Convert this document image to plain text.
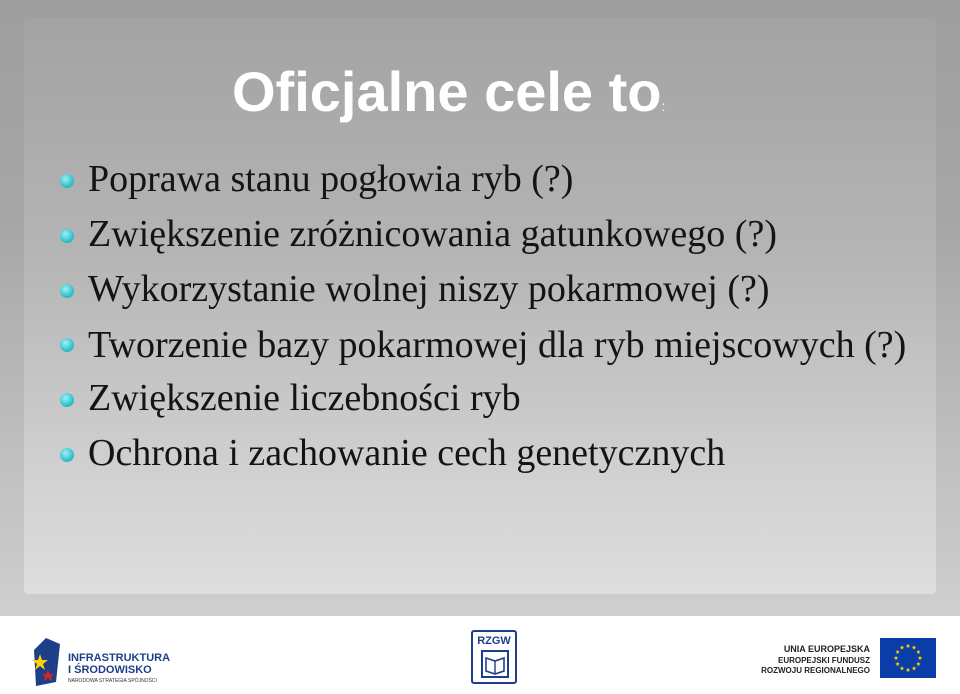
Oficjalne cele to:
Poprawa stanu pogłowia ryb (?)
Zwiększenie zróżnicowania gatunkowego (?)
Wykorzystanie wolnej niszy pokarmowej (?)
Tworzenie bazy pokarmowej dla ryb miejscowych (?)
Zwiększenie liczebności ryb
Ochrona i zachowanie cech genetycznych
INFRASTRUKTURA
I ŚRODOWISKO
NARODOWA STRATEGIA SPÓJNOŚCI
RZGW
UNIA EUROPEJSKA
EUROPEJSKI FUNDUSZ
ROZWOJU REGIONALNEGO
